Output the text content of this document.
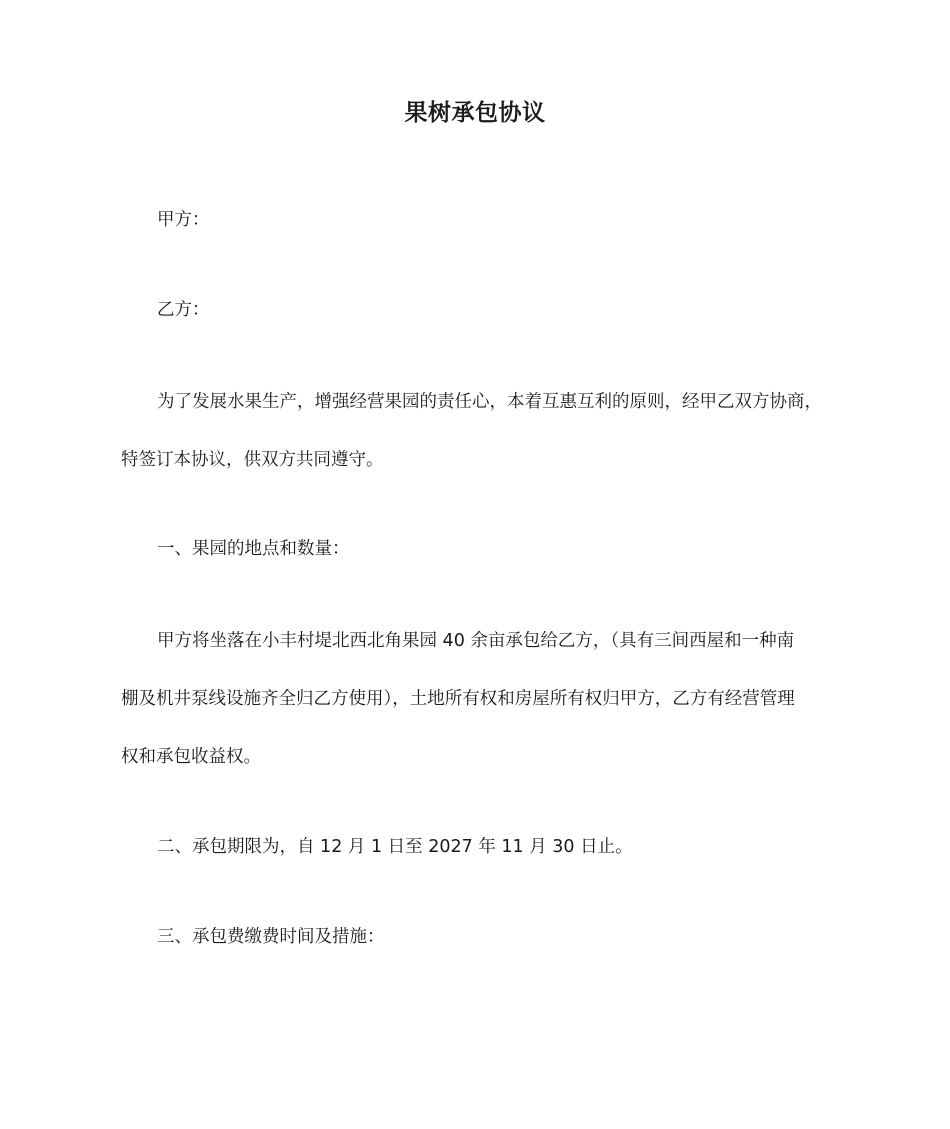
果树承包协议

甲方：

乙方：

为了发展水果生产，增强经营果园的责任心，本着互惠互利的原则，经甲乙双方协商，
特签订本协议，供双方共同遵守。

一、果园的地点和数量：

甲方将坐落在小丰村堤北西北角果园 40 余亩承包给乙方，（具有三间西屋和一种南
棚及机井泵线设施齐全归乙方使用），土地所有权和房屋所有权归甲方，乙方有经营管理
权和承包收益权。

二、承包期限为，自 12 月 1 日至 2027 年 11 月 30 日止。

三、承包费缴费时间及措施：
